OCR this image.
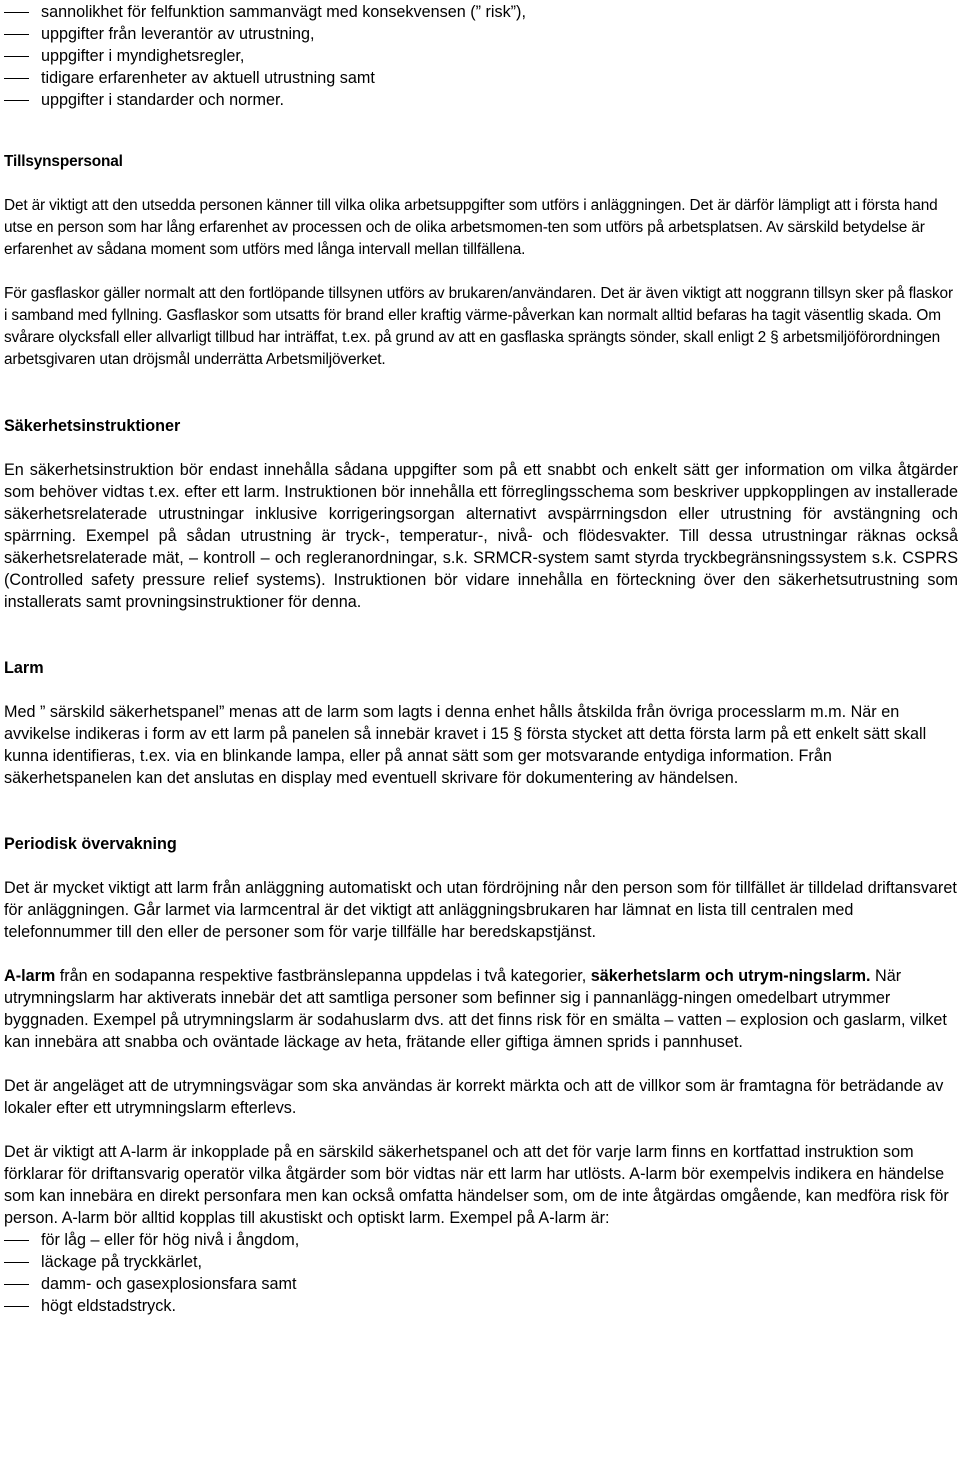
sannolikhet för felfunktion sammanvägt med konsekvensen (” risk”),
uppgifter från leverantör av utrustning,
uppgifter i myndighetsregler,
tidigare erfarenheter av aktuell utrustning samt
uppgifter i standarder och normer.
Tillsynspersonal

Det är viktigt att den utsedda personen känner till vilka olika arbetsuppgifter som utförs i anläggningen. Det är därför lämpligt att i första hand utse en person som har lång erfarenhet av processen och de olika arbetsmomen-ten som utförs på arbetsplatsen. Av särskild betydelse är erfarenhet av sådana moment som utförs med långa intervall mellan tillfällena.

För gasflaskor gäller normalt att den fortlöpande tillsynen utförs av brukaren/användaren. Det är även viktigt att noggrann tillsyn sker på flaskor i samband med fyllning. Gasflaskor som utsatts för brand eller kraftig värme-påverkan kan normalt alltid befaras ha tagit väsentlig skada. Om svårare olycksfall eller allvarligt tillbud har inträffat, t.ex. på grund av att en gasflaska sprängts sönder, skall enligt 2 § arbetsmiljöförordningen arbetsgivaren utan dröjsmål underrätta Arbetsmiljöverket.

Säkerhetsinstruktioner

En säkerhetsinstruktion bör endast innehålla sådana uppgifter som på ett snabbt och enkelt sätt ger information om vilka åtgärder som behöver vidtas t.ex. efter ett larm. Instruktionen bör innehålla ett förreglingsschema som beskriver uppkopplingen av installerade säkerhetsrelaterade utrustningar inklusive korrigeringsorgan alternativt avspärrningsdon eller utrustning för avstängning och spärrning. Exempel på sådan utrustning är tryck-, temperatur-, nivå- och flödesvakter. Till dessa utrustningar räknas också säkerhetsrelaterade mät, – kontroll – och regleranordningar, s.k. SRMCR-system samt styrda tryckbegränsningssystem s.k. CSPRS (Controlled safety pressure relief systems). Instruktionen bör vidare innehålla en förteckning över den säkerhetsutrustning som installerats samt provningsinstruktioner för denna.

Larm

Med ” särskild säkerhetspanel” menas att de larm som lagts i denna enhet hålls åtskilda från övriga processlarm m.m. När en avvikelse indikeras i form av ett larm på panelen så innebär kravet i 15 § första stycket att detta första larm på ett enkelt sätt skall kunna identifieras, t.ex. via en blinkande lampa, eller på annat sätt som ger motsvarande entydiga information. Från säkerhetspanelen kan det anslutas en display med eventuell skrivare för dokumentering av händelsen.

Periodisk övervakning

Det är mycket viktigt att larm från anläggning automatiskt och utan fördröjning når den person som för tillfället är tilldelad driftansvaret för anläggningen. Går larmet via larmcentral är det viktigt att anläggningsbrukaren har lämnat en lista till centralen med telefonnummer till den eller de personer som för varje tillfälle har beredskapstjänst.

A-larm från en sodapanna respektive fastbränslepanna uppdelas i två kategorier, säkerhetslarm och utrym-ningslarm. När utrymningslarm har aktiverats innebär det att samtliga personer som befinner sig i pannanlägg-ningen omedelbart utrymmer byggnaden. Exempel på utrymningslarm är sodahuslarm dvs. att det finns risk för en smälta – vatten – explosion och gaslarm, vilket kan innebära att snabba och oväntade läckage av heta, frätande eller giftiga ämnen sprids i pannhuset.

Det är angeläget att de utrymningsvägar som ska användas är korrekt märkta och att de villkor som är framtagna för beträdande av lokaler efter ett utrymningslarm efterlevs.

Det är viktigt att A-larm är inkopplade på en särskild säkerhetspanel och att det för varje larm finns en kortfattad instruktion som förklarar för driftansvarig operatör vilka åtgärder som bör vidtas när ett larm har utlösts. A-larm bör exempelvis indikera en händelse som kan innebära en direkt personfara men kan också omfatta händelser som, om de inte åtgärdas omgående, kan medföra risk för person. A-larm bör alltid kopplas till akustiskt och optiskt larm. Exempel på A-larm är:

för låg – eller för hög nivå i ångdom,
läckage på tryckkärlet,
damm- och gasexplosionsfara samt
högt eldstadstryck.
